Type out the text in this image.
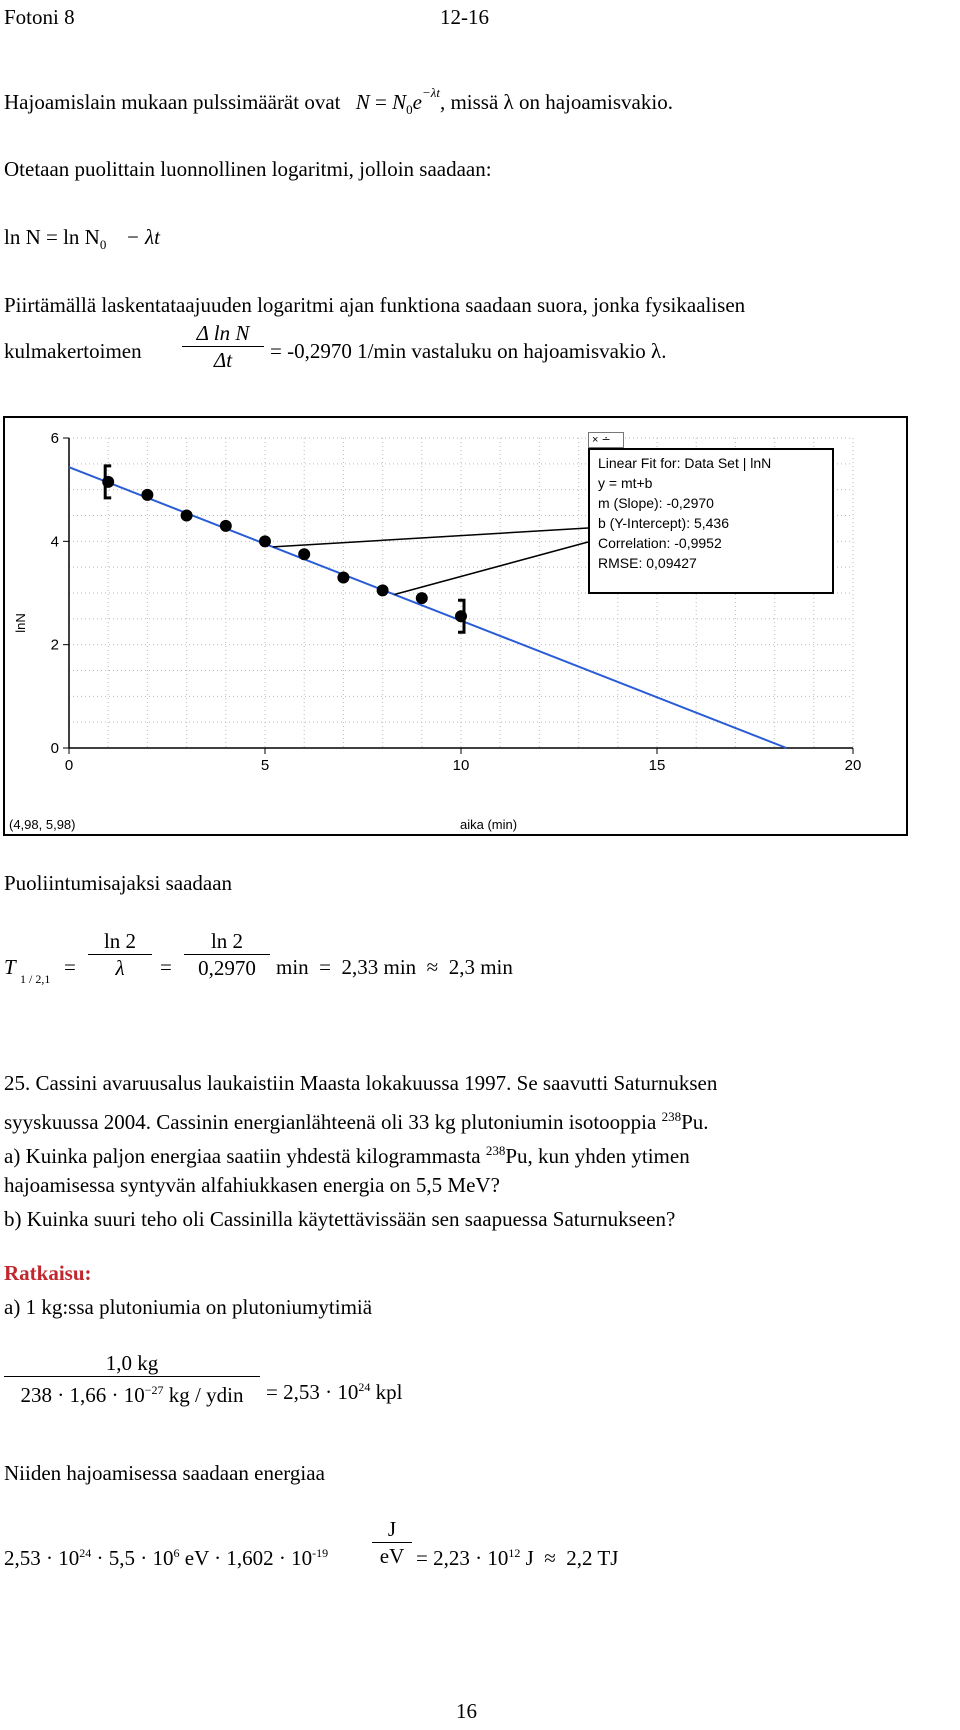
Fotoni 8	12-16
Hajoamislain mukaan pulssimäärät ovat $N = N_0e^{-\lambda t}$, missä λ on hajoamisvakio.
Otetaan puolittain luonnollinen logaritmi, jolloin saadaan:
$\ln N = \ln N_0 - \lambda t$
Piirtämällä laskentataajuuden logaritmi ajan funktiona saadaan suora, jonka fysikaalisen
kulmakertoimen
Δ ln N
Δt	= -0,2970 1/min vastaluku on hajoamisvakio λ.
0	5	10	15	20
0
2
4
6
(4,98, 5,98)	aika (min)
lnN
× ∸
Linear Fit for: Data Set | lnN
y = mt+b
m (Slope): -0,2970
b (Y-Intercept): 5,436
Correlation: -0,9952
RMSE: 0,09427
Puoliintumisajaksi saadaan
T 1 / 2,1 =
ln 2
λ	=
ln 2
0,2970 min  =  2,33 min  ≈  2,3 min
25. Cassini avaruusalus laukaistiin Maasta lokakuussa 1997. Se saavutti Saturnuksen
syyskuussa 2004. Cassinin energianlähteenä oli 33 kg plutoniumin isotooppia $^{238}$Pu.
a) Kuinka paljon energiaa saatiin yhdestä kilogrammasta $^{238}$Pu, kun yhden ytimen
hajoamisessa syntyvän alfahiukkasen energia on 5,5 MeV?
b) Kuinka suuri teho oli Cassinilla käytettävissään sen saapuessa Saturnukseen?
Ratkaisu:
a) 1 kg:ssa plutoniumia on plutoniumytimiä
1,0 kg
$238 \cdot 1,66 \cdot 10^{-27}$ kg / ydin	= $2,53 \cdot 10^{24}$ kpl
Niiden hajoamisessa saadaan energiaa
$2,53 \cdot 10^{24} \cdot 5,5 \cdot 10^6$ eV · $1,602 \cdot 10^{-19}$
J
eV = $2,23 \cdot 10^{12}$ J  ≈  2,2 TJ
16
